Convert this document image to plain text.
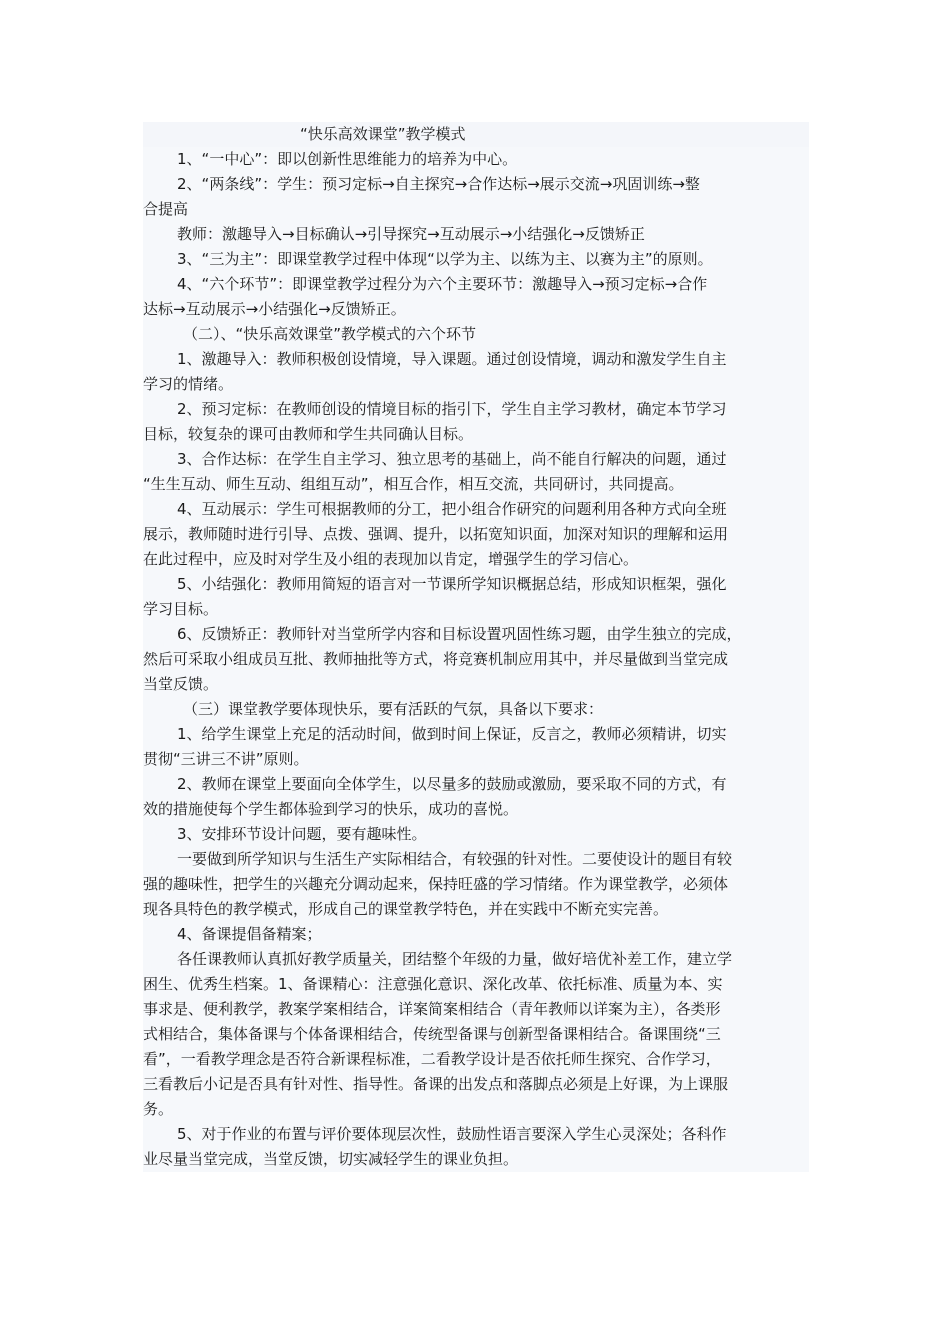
“快乐高效课堂”教学模式
1、“一中心”：即以创新性思维能力的培养为中心。
2、“两条线”：学生：预习定标→自主探究→合作达标→展示交流→巩固训练→整
合提高
教师：激趣导入→目标确认→引导探究→互动展示→小结强化→反馈矫正
3、“三为主”：即课堂教学过程中体现“以学为主、以练为主、以赛为主”的原则。
4、“六个环节”：即课堂教学过程分为六个主要环节：激趣导入→预习定标→合作
达标→互动展示→小结强化→反馈矫正。
（二）、“快乐高效课堂”教学模式的六个环节
1、激趣导入：教师积极创设情境，导入课题。通过创设情境，调动和激发学生自主
学习的情绪。
2、预习定标：在教师创设的情境目标的指引下，学生自主学习教材，确定本节学习
目标，较复杂的课可由教师和学生共同确认目标。
3、合作达标：在学生自主学习、独立思考的基础上，尚不能自行解决的问题，通过
“生生互动、师生互动、组组互动”，相互合作，相互交流，共同研讨，共同提高。
4、互动展示：学生可根据教师的分工，把小组合作研究的问题利用各种方式向全班
展示，教师随时进行引导、点拨、强调、提升，以拓宽知识面，加深对知识的理解和运用
在此过程中，应及时对学生及小组的表现加以肯定，增强学生的学习信心。
5、小结强化：教师用简短的语言对一节课所学知识概据总结，形成知识框架，强化
学习目标。
6、反馈矫正：教师针对当堂所学内容和目标设置巩固性练习题，由学生独立的完成，
然后可采取小组成员互批、教师抽批等方式，将竞赛机制应用其中，并尽量做到当堂完成
当堂反馈。
（三）课堂教学要体现快乐，要有活跃的气氛，具备以下要求：
1、给学生课堂上充足的活动时间，做到时间上保证，反言之，教师必须精讲，切实
贯彻“三讲三不讲”原则。
2、教师在课堂上要面向全体学生，以尽量多的鼓励或激励，要采取不同的方式，有
效的措施使每个学生都体验到学习的快乐，成功的喜悦。
3、安排环节设计问题，要有趣味性。
一要做到所学知识与生活生产实际相结合，有较强的针对性。二要使设计的题目有较
强的趣味性，把学生的兴趣充分调动起来，保持旺盛的学习情绪。作为课堂教学，必须体
现各具特色的教学模式，形成自己的课堂教学特色，并在实践中不断充实完善。
4、备课提倡备精案；
各任课教师认真抓好教学质量关，团结整个年级的力量，做好培优补差工作，建立学
困生、优秀生档案。1、备课精心：注意强化意识、深化改革、依托标准、质量为本、实
事求是、便利教学，教案学案相结合，详案简案相结合（青年教师以详案为主），各类形
式相结合，集体备课与个体备课相结合，传统型备课与创新型备课相结合。备课围绕“三
看”，一看教学理念是否符合新课程标准，二看教学设计是否依托师生探究、合作学习，
三看教后小记是否具有针对性、指导性。备课的出发点和落脚点必须是上好课，为上课服
务。
5、对于作业的布置与评价要体现层次性，鼓励性语言要深入学生心灵深处；各科作
业尽量当堂完成，当堂反馈，切实减轻学生的课业负担。
